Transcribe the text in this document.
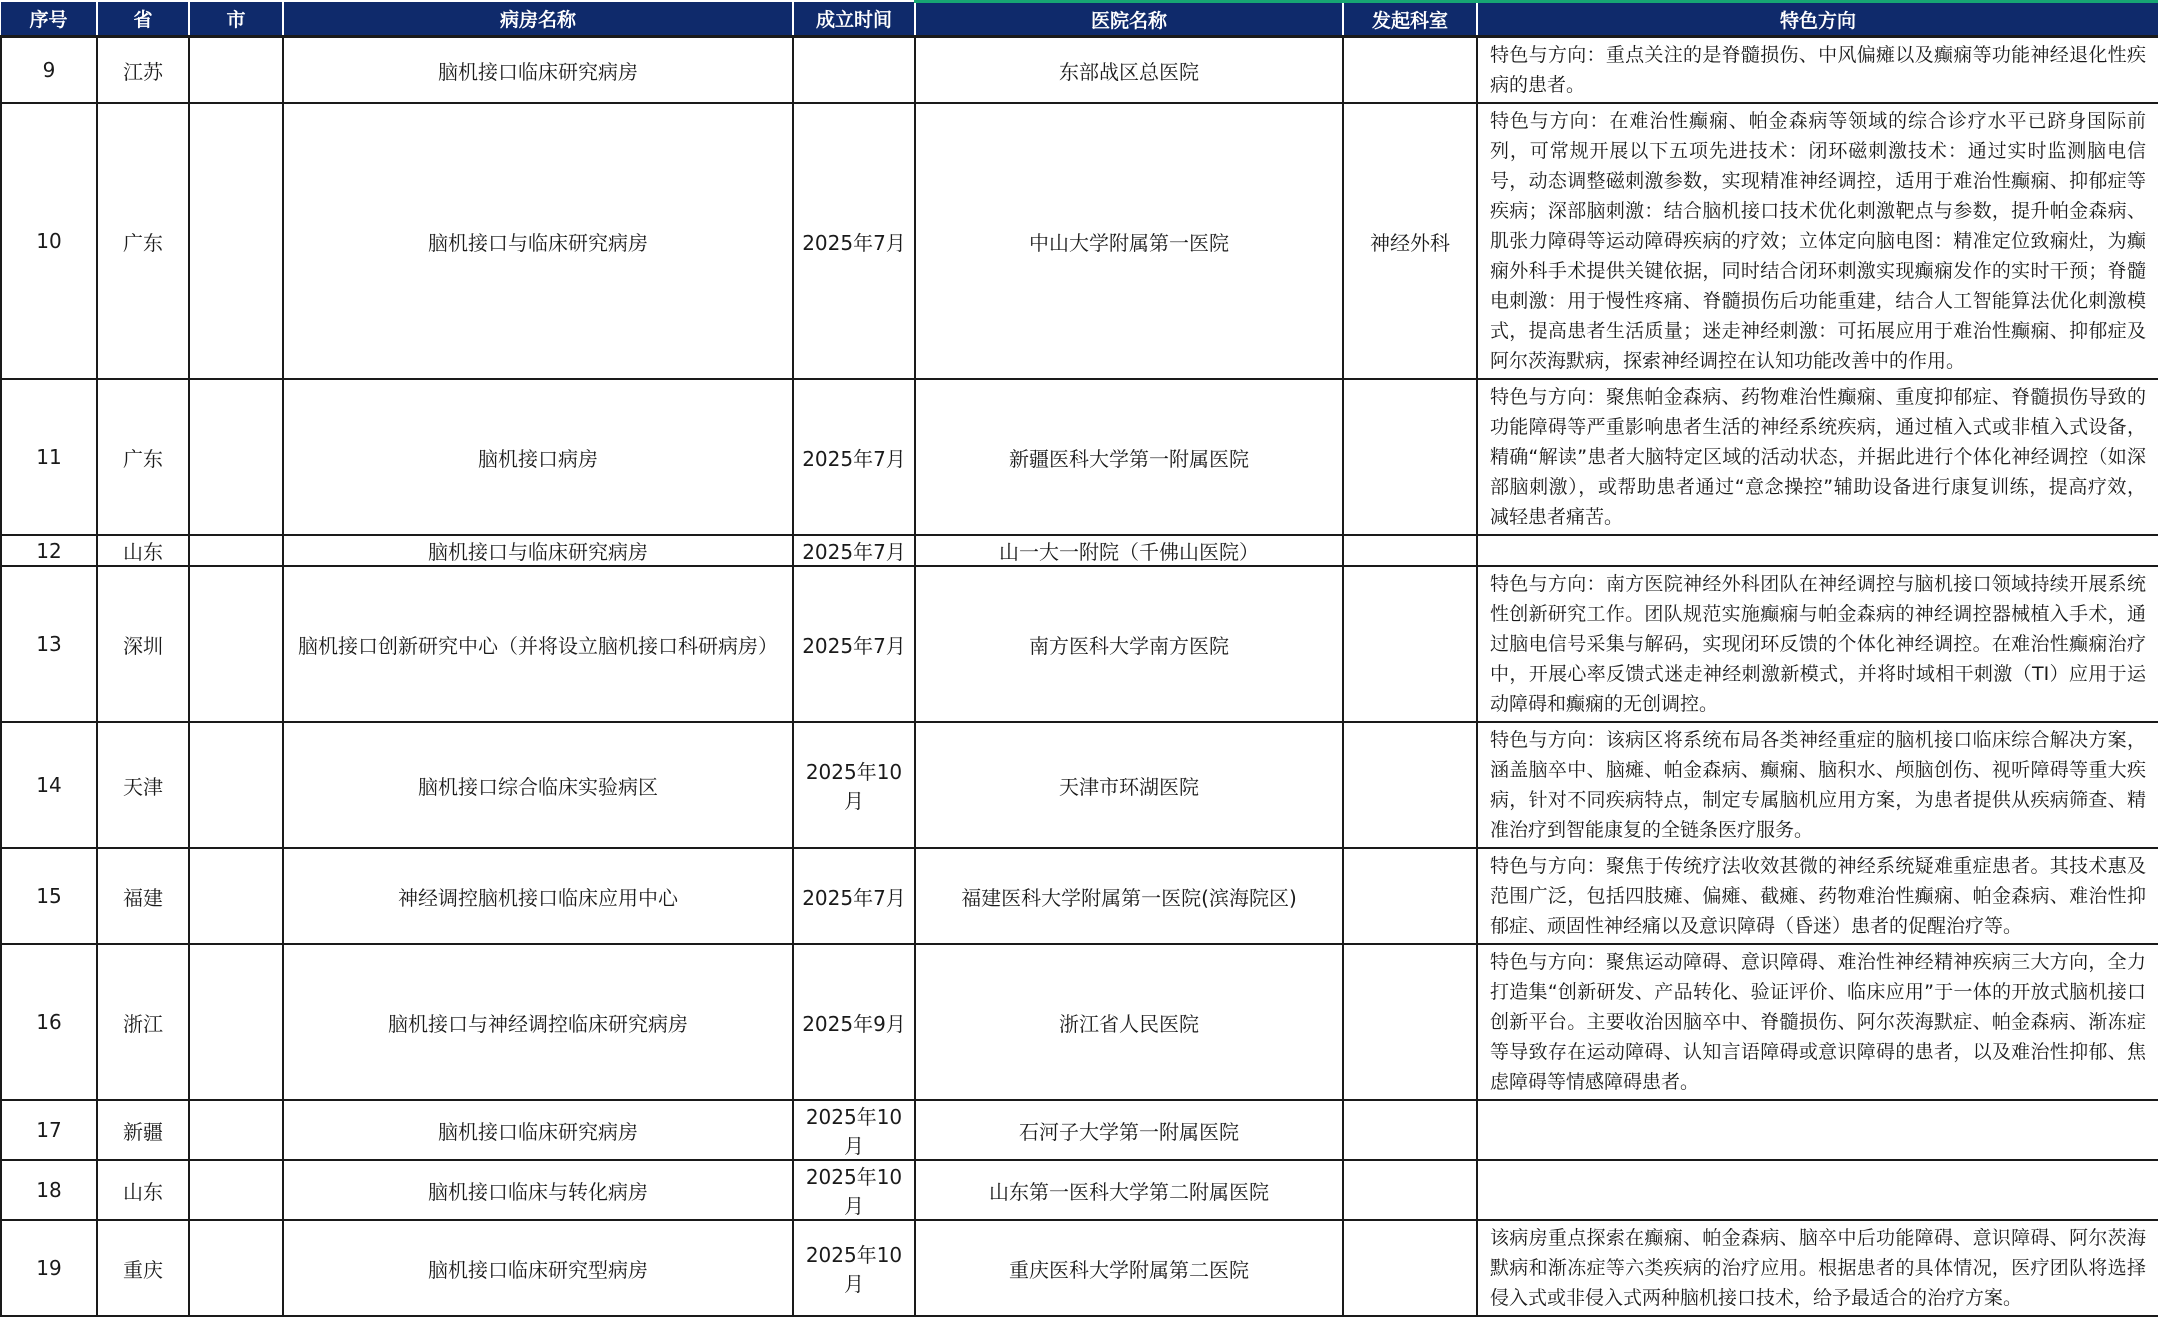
序号	省	市	病房名称	成立时间	医院名称	发起科室	特色方向
9	江苏		脑机接口临床研究病房		东部战区总医院		特色与方向：重点关注的是脊髓损伤、中风偏瘫以及癫痫等功能神经退化性疾病的患者。
10	广东		脑机接口与临床研究病房	2025年7月	中山大学附属第一医院	神经外科	特色与方向：在难治性癫痫、帕金森病等领域的综合诊疗水平已跻身国际前列，可常规开展以下五项先进技术：闭环磁刺激技术：通过实时监测脑电信号，动态调整磁刺激参数，实现精准神经调控，适用于难治性癫痫、抑郁症等疾病；深部脑刺激：结合脑机接口技术优化刺激靶点与参数，提升帕金森病、肌张力障碍等运动障碍疾病的疗效；立体定向脑电图：精准定位致痫灶，为癫痫外科手术提供关键依据，同时结合闭环刺激实现癫痫发作的实时干预；脊髓电刺激：用于慢性疼痛、脊髓损伤后功能重建，结合人工智能算法优化刺激模式，提高患者生活质量；迷走神经刺激：可拓展应用于难治性癫痫、抑郁症及阿尔茨海默病，探索神经调控在认知功能改善中的作用。
11	广东		脑机接口病房	2025年7月	新疆医科大学第一附属医院		特色与方向：聚焦帕金森病、药物难治性癫痫、重度抑郁症、脊髓损伤导致的功能障碍等严重影响患者生活的神经系统疾病，通过植入式或非植入式设备，精确“解读”患者大脑特定区域的活动状态，并据此进行个体化神经调控（如深部脑刺激），或帮助患者通过“意念操控”辅助设备进行康复训练，提高疗效，减轻患者痛苦。
12	山东		脑机接口与临床研究病房	2025年7月	山一大一附院（千佛山医院）		
13	深圳		脑机接口创新研究中心（并将设立脑机接口科研病房）	2025年7月	南方医科大学南方医院		特色与方向：南方医院神经外科团队在神经调控与脑机接口领域持续开展系统性创新研究工作。团队规范实施癫痫与帕金森病的神经调控器械植入手术，通过脑电信号采集与解码，实现闭环反馈的个体化神经调控。在难治性癫痫治疗中，开展心率反馈式迷走神经刺激新模式，并将时域相干刺激（TI）应用于运动障碍和癫痫的无创调控。
14	天津		脑机接口综合临床实验病区	2025年10月	天津市环湖医院		特色与方向：该病区将系统布局各类神经重症的脑机接口临床综合解决方案，涵盖脑卒中、脑瘫、帕金森病、癫痫、脑积水、颅脑创伤、视听障碍等重大疾病，针对不同疾病特点，制定专属脑机应用方案，为患者提供从疾病筛查、精准治疗到智能康复的全链条医疗服务。
15	福建		神经调控脑机接口临床应用中心	2025年7月	福建医科大学附属第一医院(滨海院区)		特色与方向：聚焦于传统疗法收效甚微的神经系统疑难重症患者。其技术惠及范围广泛，包括四肢瘫、偏瘫、截瘫、药物难治性癫痫、帕金森病、难治性抑郁症、顽固性神经痛以及意识障碍（昏迷）患者的促醒治疗等。
16	浙江		脑机接口与神经调控临床研究病房	2025年9月	浙江省人民医院		特色与方向：聚焦运动障碍、意识障碍、难治性神经精神疾病三大方向，全力打造集“创新研发、产品转化、验证评价、临床应用”于一体的开放式脑机接口创新平台。主要收治因脑卒中、脊髓损伤、阿尔茨海默症、帕金森病、渐冻症等导致存在运动障碍、认知言语障碍或意识障碍的患者，以及难治性抑郁、焦虑障碍等情感障碍患者。
17	新疆		脑机接口临床研究病房	2025年10月	石河子大学第一附属医院		
18	山东		脑机接口临床与转化病房	2025年10月	山东第一医科大学第二附属医院		
19	重庆		脑机接口临床研究型病房	2025年10月	重庆医科大学附属第二医院		该病房重点探索在癫痫、帕金森病、脑卒中后功能障碍、意识障碍、阿尔茨海默病和渐冻症等六类疾病的治疗应用。根据患者的具体情况，医疗团队将选择侵入式或非侵入式两种脑机接口技术，给予最适合的治疗方案。
